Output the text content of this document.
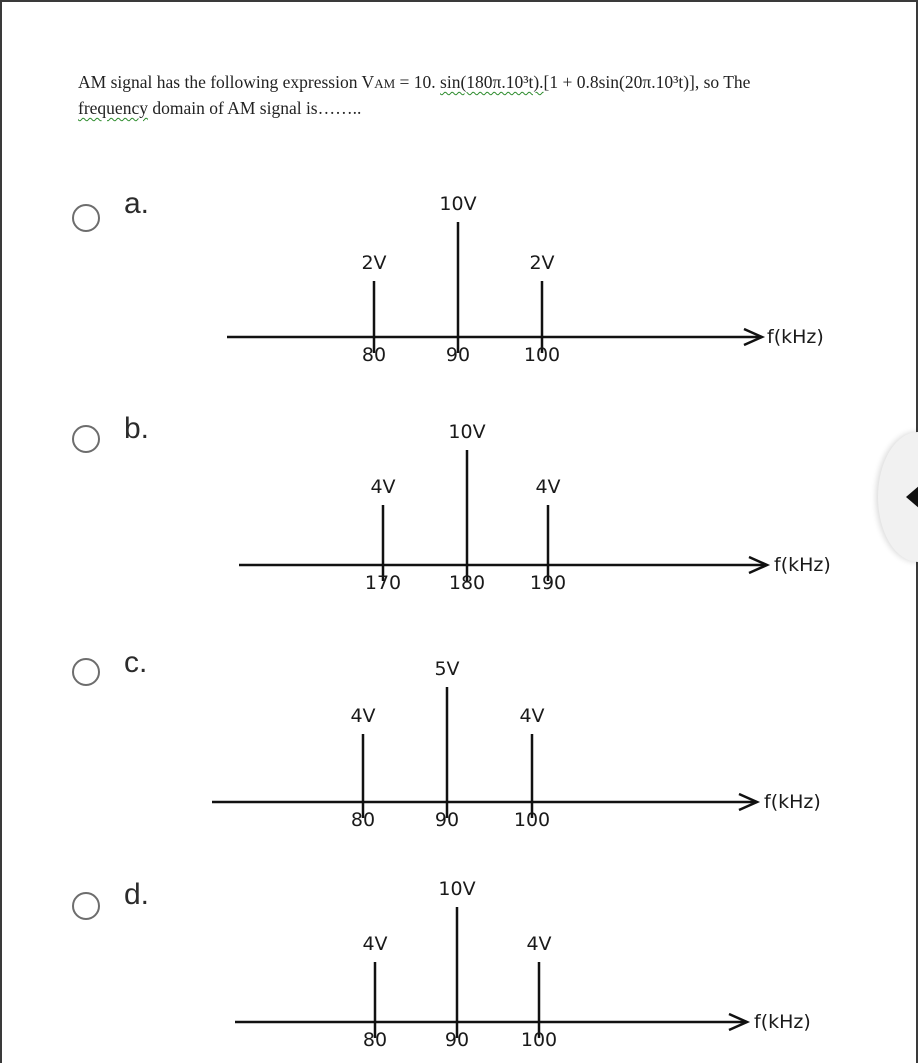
AM signal has the following expression VAM = 10. sin(180π.10³t).[1 + 0.8sin(20π.10³t)], so The
frequency domain of AM signal is……..
a.
f(kHz)
2V
80
10V
90
2V
100
b.
f(kHz)
4V
170
10V
180
4V
190
c.
f(kHz)
4V
80
5V
90
4V
100
d.
f(kHz)
4V
80
10V
90
4V
100
